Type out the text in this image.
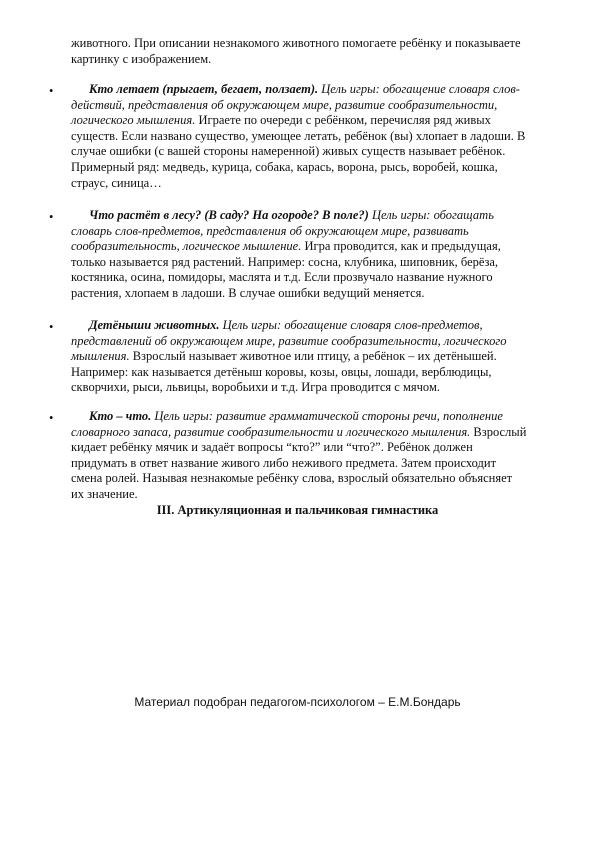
животного. При описании незнакомого животного помогаете ребёнку и показываете картинку с изображением.
•	Кто летает (прыгает, бегает, ползает). Цель игры: обогащение словаря слов-действий, представления об окружающем мире, развитие сообразительности, логического мышления. Играете по очереди с ребёнком, перечисляя ряд живых существ. Если названо существо, умеющее летать, ребёнок (вы) хлопает в ладоши. В случае ошибки (с вашей стороны намеренной) живых существ называет ребёнок. Примерный ряд: медведь, курица, собака, карась, ворона, рысь, воробей, кошка, страус, синица…
•	Что растёт в лесу? (В саду? На огороде? В поле?) Цель игры: обогащать словарь слов-предметов, представления об окружающем мире, развивать сообразительность, логическое мышление. Игра проводится, как и предыдущая, только называется ряд растений. Например: сосна, клубника, шиповник, берёза, костяника, осина, помидоры, маслята и т.д. Если прозвучало название нужного растения, хлопаем в ладоши. В случае ошибки ведущий меняется.
•	Детёныши животных. Цель игры: обогащение словаря слов-предметов, представлений об окружающем мире, развитие сообразительности, логического мышления. Взрослый называет животное или птицу, а ребёнок – их детёнышей. Например: как называется детёныш коровы, козы, овцы, лошади, верблюдицы, скворчихи, рыси, львицы, воробьихи и т.д. Игра проводится с мячом.
•	Кто – что. Цель игры: развитие грамматической стороны речи, пополнение словарного запаса, развитие сообразительности и логического мышления. Взрослый кидает ребёнку мячик и задаёт вопросы “кто?” или “что?”. Ребёнок должен придумать в ответ название живого либо неживого предмета. Затем происходит смена ролей. Называя незнакомые ребёнку слова, взрослый обязательно объясняет их значение.
III. Артикуляционная и пальчиковая гимнастика
Материал подобран педагогом-психологом – Е.М.Бондарь
